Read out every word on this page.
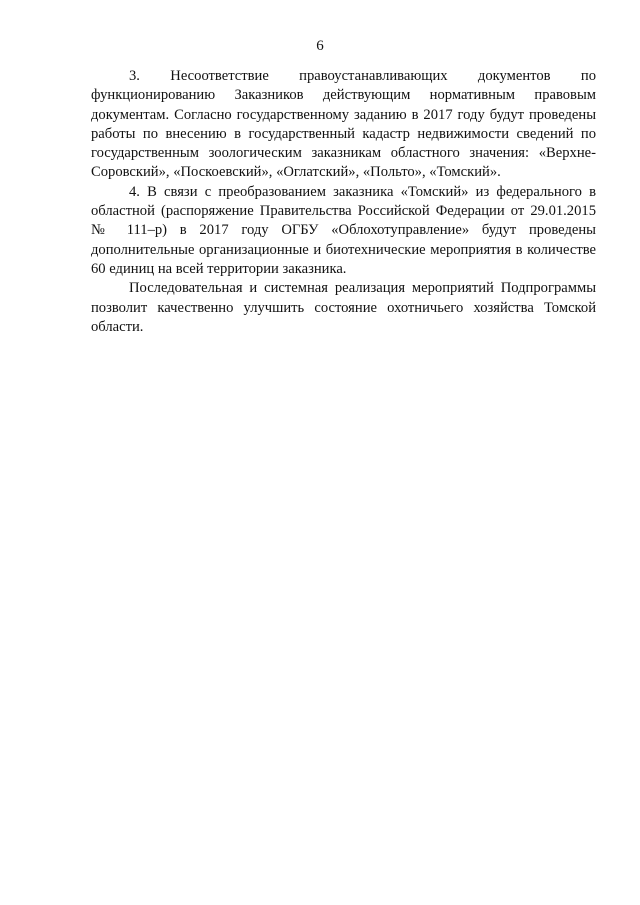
6

3. Несоответствие правоустанавливающих документов по функционированию Заказников действующим нормативным правовым документам. Согласно государственному заданию в 2017 году будут проведены работы по внесению в государственный кадастр недвижимости сведений по государственным зоологическим заказникам областного значения: «Верхне-Соровский», «Поскоевский», «Оглатский», «Польто», «Томский».

4. В связи с преобразованием заказника «Томский» из федерального в областной (распоряжение Правительства Российской Федерации от 29.01.2015 № 111–р) в 2017 году ОГБУ «Облохотуправление» будут проведены дополнительные организационные и биотехнические мероприятия в количестве 60 единиц на всей территории заказника.

Последовательная и системная реализация мероприятий Подпрограммы позволит качественно улучшить состояние охотничьего хозяйства Томской области.
